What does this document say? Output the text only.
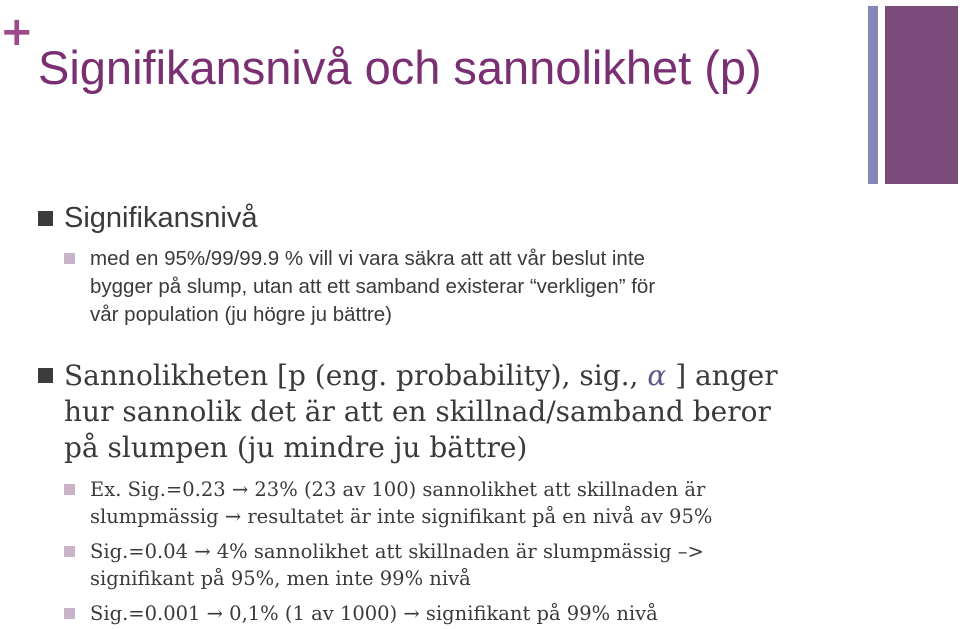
+
Signifikansnivå och sannolikhet (p)
Signifikansnivå
med en 95%/99/99.9 % vill vi vara säkra att att vår beslut inte
bygger på slump, utan att ett samband existerar “verkligen” för
vår population (ju högre ju bättre)
Sannolikheten [p (eng. probability), sig., α ] anger
hur sannolik det är att en skillnad/samband beror
på slumpen (ju mindre ju bättre)
Ex. Sig.=0.23 → 23% (23 av 100) sannolikhet att skillnaden är
slumpmässig → resultatet är inte signifikant på en nivå av 95%
Sig.=0.04 → 4% sannolikhet att skillnaden är slumpmässig –>
signifikant på 95%, men inte 99% nivå
Sig.=0.001 → 0,1% (1 av 1000) → signifikant på 99% nivå
